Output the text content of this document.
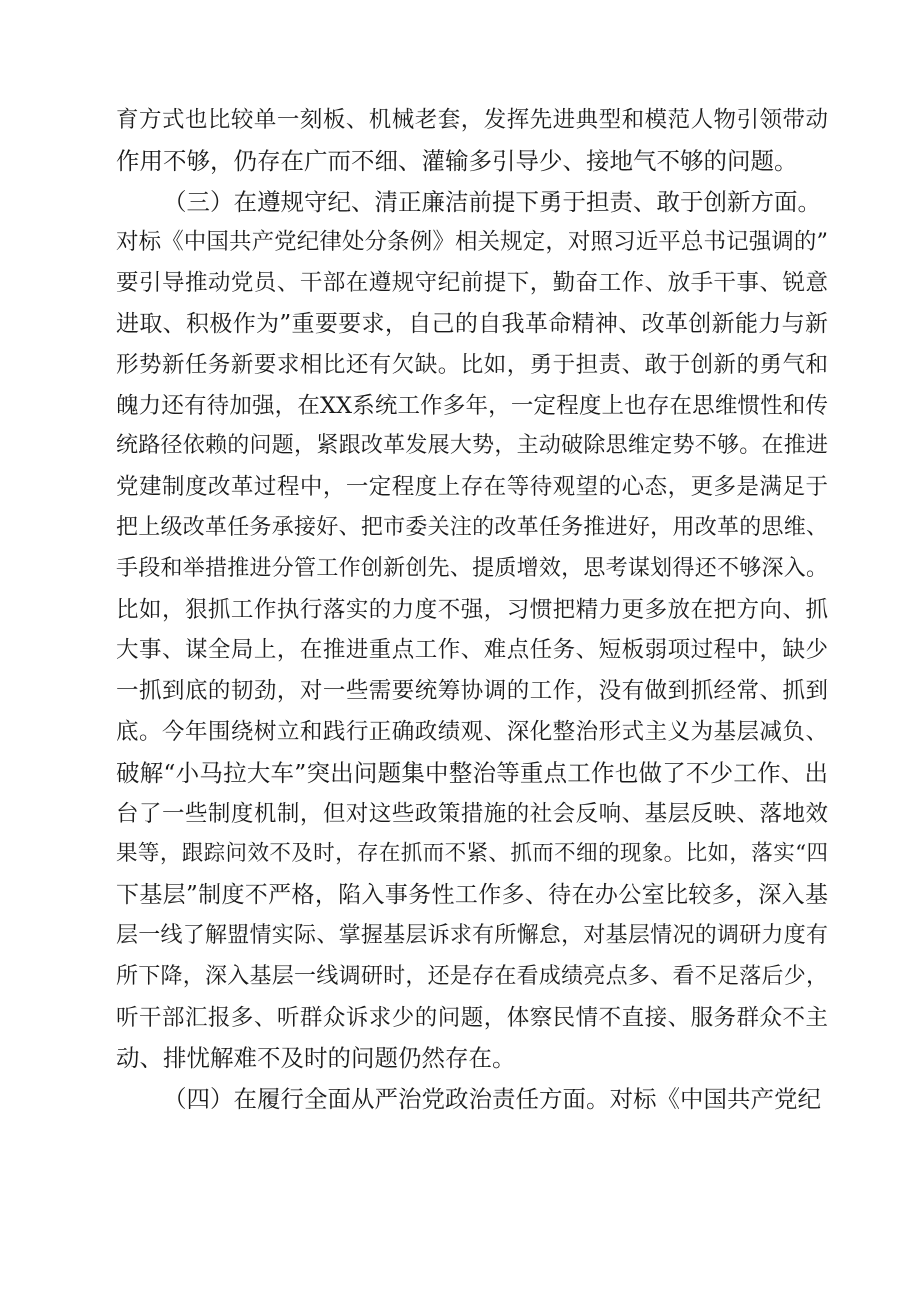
育方式也比较单一刻板、机械老套，发挥先进典型和模范人物引领带动
作用不够，仍存在广而不细、灌输多引导少、接地气不够的问题。
（三）在遵规守纪、清正廉洁前提下勇于担责、敢于创新方面。
对标《中国共产党纪律处分条例》相关规定，对照习近平总书记强调的”
要引导推动党员、干部在遵规守纪前提下，勤奋工作、放手干事、锐意
进取、积极作为”重要要求，自己的自我革命精神、改革创新能力与新
形势新任务新要求相比还有欠缺。比如，勇于担责、敢于创新的勇气和
魄力还有待加强，在XX系统工作多年，一定程度上也存在思维惯性和传
统路径依赖的问题，紧跟改革发展大势，主动破除思维定势不够。在推进
党建制度改革过程中，一定程度上存在等待观望的心态，更多是满足于
把上级改革任务承接好、把市委关注的改革任务推进好，用改革的思维、
手段和举措推进分管工作创新创先、提质增效，思考谋划得还不够深入。
比如，狠抓工作执行落实的力度不强，习惯把精力更多放在把方向、抓
大事、谋全局上，在推进重点工作、难点任务、短板弱项过程中，缺少
一抓到底的韧劲，对一些需要统筹协调的工作，没有做到抓经常、抓到
底。今年围绕树立和践行正确政绩观、深化整治形式主义为基层减负、
破解“小马拉大车”突出问题集中整治等重点工作也做了不少工作、出
台了一些制度机制，但对这些政策措施的社会反响、基层反映、落地效
果等，跟踪问效不及时，存在抓而不紧、抓而不细的现象。比如，落实“四
下基层”制度不严格，陷入事务性工作多、待在办公室比较多，深入基
层一线了解盟情实际、掌握基层诉求有所懈怠，对基层情况的调研力度有
所下降，深入基层一线调研时，还是存在看成绩亮点多、看不足落后少，
听干部汇报多、听群众诉求少的问题，体察民情不直接、服务群众不主
动、排忧解难不及时的问题仍然存在。
（四）在履行全面从严治党政治责任方面。对标《中国共产党纪
